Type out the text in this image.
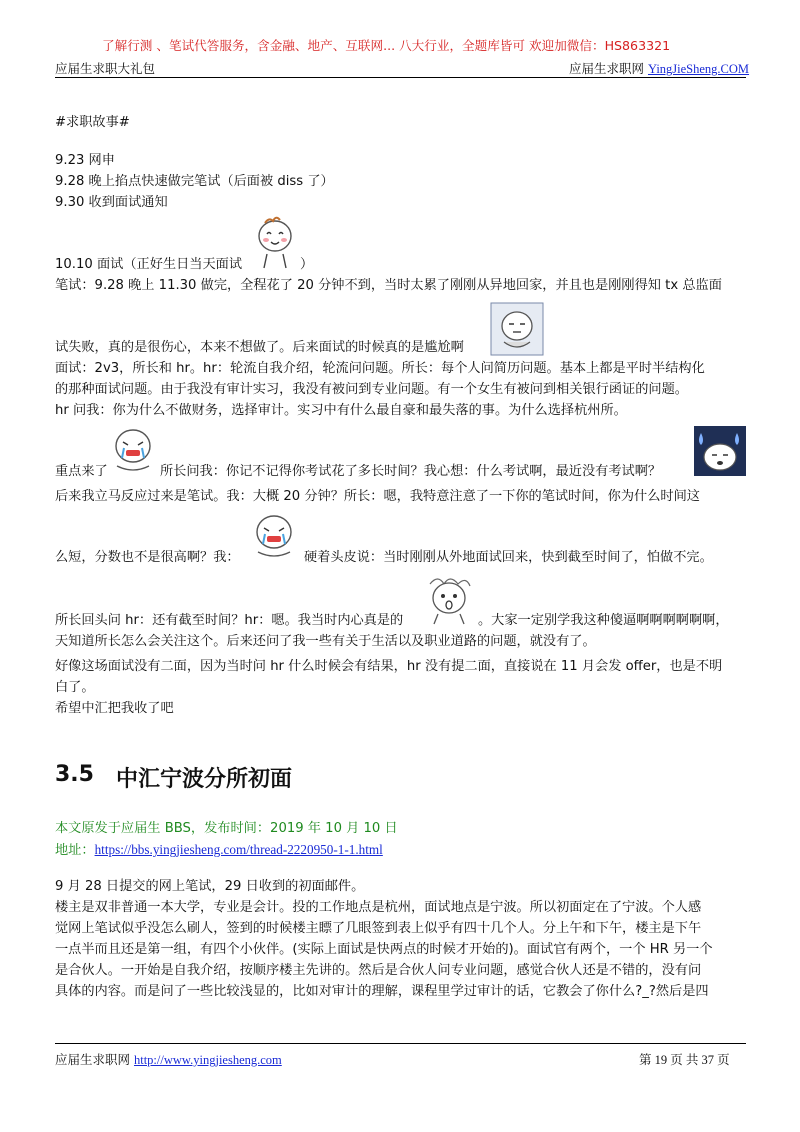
了解行测 、笔试代答服务，含金融、地产、互联网... 八大行业，全题库皆可 欢迎加微信：HS863321
应届生求职大礼包	应届生求职网 YingJieSheng.COM
#求职故事#
9.23 网申
9.28 晚上掐点快速做完笔试（后面被 diss 了）
9.30 收到面试通知
10.10 面试（正好生日当天面试	）
笔试：9.28 晚上 11.30 做完，全程花了 20 分钟不到，当时太累了刚刚从异地回家，并且也是刚刚得知 tx 总监面
试失败，真的是很伤心，本来不想做了。后来面试的时候真的是尴尬啊
面试：2v3，所长和 hr。hr：轮流自我介绍，轮流问问题。所长：每个人问简历问题。基本上都是平时半结构化
的那种面试问题。由于我没有审计实习，我没有被问到专业问题。有一个女生有被问到相关银行函证的问题。
hr 问我：你为什么不做财务，选择审计。实习中有什么最自豪和最失落的事。为什么选择杭州所。
重点来了	所长问我：你记不记得你考试花了多长时间？我心想：什么考试啊，最近没有考试啊？
后来我立马反应过来是笔试。我：大概 20 分钟？所长：嗯，我特意注意了一下你的笔试时间，你为什么时间这
么短，分数也不是很高啊？我：	硬着头皮说：当时刚刚从外地面试回来，快到截至时间了，怕做不完。
所长回头问 hr：还有截至时间？hr：嗯。我当时内心真是的	。大家一定别学我这种傻逼啊啊啊啊啊啊，
天知道所长怎么会关注这个。后来还问了我一些有关于生活以及职业道路的问题，就没有了。
好像这场面试没有二面，因为当时问 hr 什么时候会有结果，hr 没有提二面，直接说在 11 月会发 offer，也是不明
白了。
希望中汇把我收了吧
3.5 中汇宁波分所初面
本文原发于应届生 BBS，发布时间：2019 年 10 月 10 日
地址：https://bbs.yingjiesheng.com/thread-2220950-1-1.html
9 月 28 日提交的网上笔试，29 日收到的初面邮件。
楼主是双非普通一本大学，专业是会计。投的工作地点是杭州，面试地点是宁波。所以初面定在了宁波。个人感
觉网上笔试似乎没怎么刷人，签到的时候楼主瞟了几眼签到表上似乎有四十几个人。分上午和下午，楼主是下午
一点半而且还是第一组，有四个小伙伴。(实际上面试是快两点的时候才开始的)。面试官有两个，一个 HR 另一个
是合伙人。一开始是自我介绍，按顺序楼主先讲的。然后是合伙人问专业问题，感觉合伙人还是不错的，没有问
具体的内容。而是问了一些比较浅显的，比如对审计的理解，课程里学过审计的话，它教会了你什么?_?然后是四
应届生求职网 http://www.yingjiesheng.com	第 19 页 共 37 页
